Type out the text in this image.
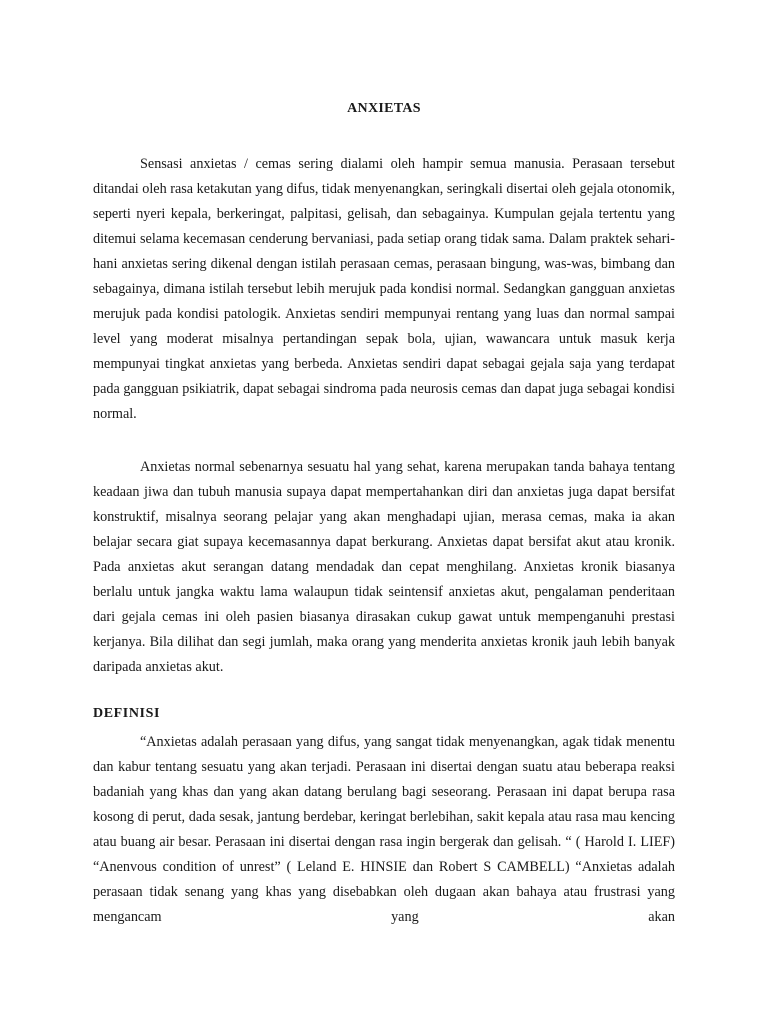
ANXIETAS

Sensasi anxietas / cemas sering dialami oleh hampir semua manusia. Perasaan tersebut ditandai oleh rasa ketakutan yang difus, tidak menyenangkan, seringkali disertai oleh gejala otonomik, seperti nyeri kepala, berkeringat, palpitasi, gelisah, dan sebagainya. Kumpulan gejala tertentu yang ditemui selama kecemasan cenderung bervaniasi, pada setiap orang tidak sama. Dalam praktek sehari-hani anxietas sering dikenal dengan istilah perasaan cemas, perasaan bingung, was-was, bimbang dan sebagainya, dimana istilah tersebut lebih merujuk pada kondisi normal. Sedangkan gangguan anxietas merujuk pada kondisi patologik. Anxietas sendiri mempunyai rentang yang luas dan normal sampai level yang moderat misalnya pertandingan sepak bola, ujian, wawancara untuk masuk kerja mempunyai tingkat anxietas yang berbeda. Anxietas sendiri dapat sebagai gejala saja yang terdapat pada gangguan psikiatrik, dapat sebagai sindroma pada neurosis cemas dan dapat juga sebagai kondisi normal.

Anxietas normal sebenarnya sesuatu hal yang sehat, karena merupakan tanda bahaya tentang keadaan jiwa dan tubuh manusia supaya dapat mempertahankan diri dan anxietas juga dapat bersifat konstruktif, misalnya seorang pelajar yang akan menghadapi ujian, merasa cemas, maka ia akan belajar secara giat supaya kecemasannya dapat berkurang. Anxietas dapat bersifat akut atau kronik. Pada anxietas akut serangan datang mendadak dan cepat menghilang. Anxietas kronik biasanya berlalu untuk jangka waktu lama walaupun tidak seintensif anxietas akut, pengalaman penderitaan dari gejala cemas ini oleh pasien biasanya dirasakan cukup gawat untuk mempenganuhi prestasi kerjanya. Bila dilihat dan segi jumlah, maka orang yang menderita anxietas kronik jauh lebih banyak daripada anxietas akut.

DEFINISI

“Anxietas adalah perasaan yang difus, yang sangat tidak menyenangkan, agak tidak menentu dan kabur tentang sesuatu yang akan terjadi. Perasaan ini disertai dengan suatu atau beberapa reaksi badaniah yang khas dan yang akan datang berulang bagi seseorang. Perasaan ini dapat berupa rasa kosong di perut, dada sesak, jantung berdebar, keringat berlebihan, sakit kepala atau rasa mau kencing atau buang air besar. Perasaan ini disertai dengan rasa ingin bergerak dan gelisah. “ ( Harold I. LIEF) “Anenvous condition of unrest” ( Leland E. HINSIE dan Robert S CAMBELL) “Anxietas adalah perasaan tidak senang yang khas yang disebabkan oleh dugaan akan bahaya atau frustrasi yang mengancam yang akan
